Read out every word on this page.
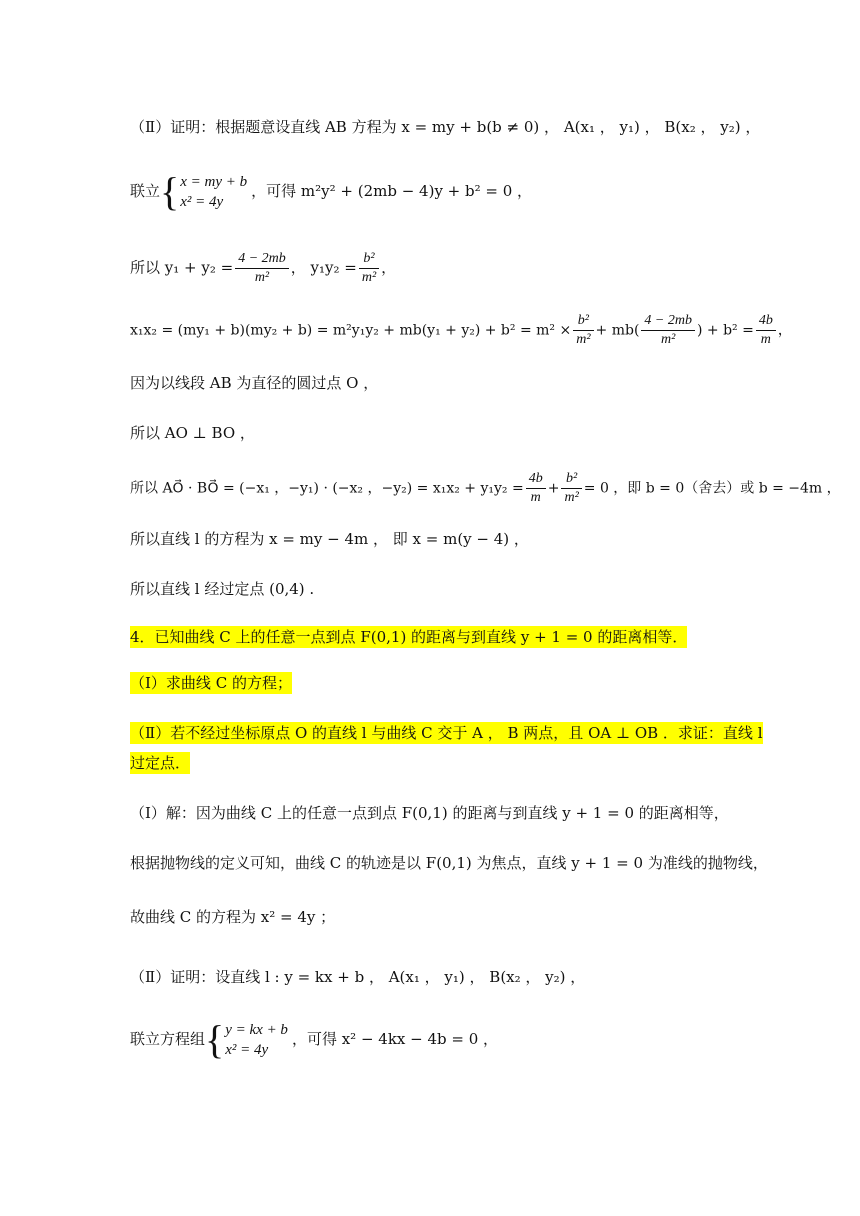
（Ⅱ）证明：根据题意设直线 AB 方程为 x = my + b(b ≠ 0) ， A(x₁ ， y₁) ， B(x₂ ， y₂) ，
联立 { x = my + b
x² = 4y
，可得 m²y² + (2mb − 4)y + b² = 0 ，
所以 $y_1 + y_2 = \frac{4 - 2mb}{\text{m²}}$ ， $y_1y_2 = \frac{\text{b²}}{\text{m²}}$ ，
$x_1x_2 = (my_1 + b)(my_2 + b) = m^2y_1y_2 + mb(y_1 + y_2) + b^2 = m^2 \times \frac{\text{b²}}{\text{m²}} + mb( \frac{4 - 2mb}{\text{m²}}$ ) + $b^2 = \frac{4b}{m}$ ，
因为以线段 AB 为直径的圆过点 O ，
所以 AO ⊥ BO ，
所以 AO⃗ · BO⃗ = (−x₁ ，−y₁) · (−x₂ ，$-y_2) = x_1x_2 + y_1y_2 = \frac{4b}{m} + \frac{\text{b²}}{\text{m²}} = 0$ ，即 b = 0（舍去）或 b = −4m ，
所以直线 l 的方程为 x = my − 4m ， 即 x = m(y − 4) ，
所以直线 l 经过定点 (0,4) .
4．已知曲线 C 上的任意一点到点 F(0,1) 的距离与到直线 y + 1 = 0 的距离相等．
（Ⅰ）求曲线 C 的方程；
（Ⅱ）若不经过坐标原点 O 的直线 l 与曲线 C 交于 A ， B 两点，且 OA ⊥ OB ．求证：直线 l
过定点．
（Ⅰ）解：因为曲线 C 上的任意一点到点 F(0,1) 的距离与到直线 y + 1 = 0 的距离相等，
根据抛物线的定义可知，曲线 C 的轨迹是以 F(0,1) 为焦点，直线 y + 1 = 0 为准线的抛物线，
故曲线 C 的方程为 x² = 4y ；
（Ⅱ）证明：设直线 l : y = kx + b ， A(x₁ ， y₁) ， B(x₂ ， y₂) ，
联立方程组 { y = kx + b
x² = 4y
，可得 x² − 4kx − 4b = 0 ，
